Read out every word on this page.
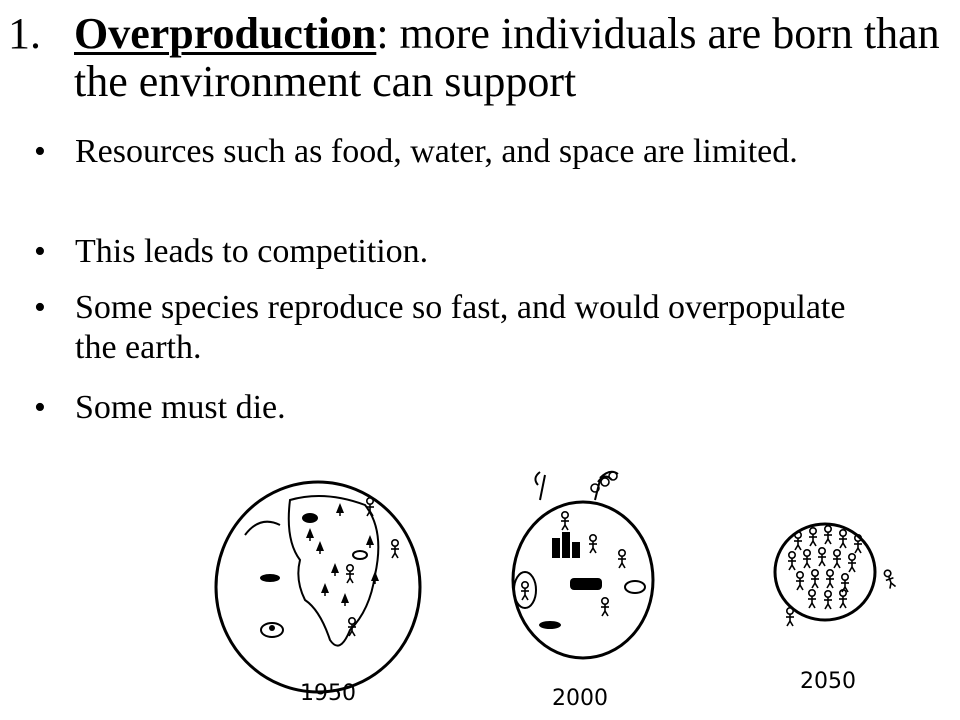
1. Overproduction: more individuals are born than the environment can support
• Resources such as food, water, and space are limited.
• This leads to competition.
• Some species reproduce so fast, and would overpopulate the earth.
• Some must die.
1950	2000
2050
